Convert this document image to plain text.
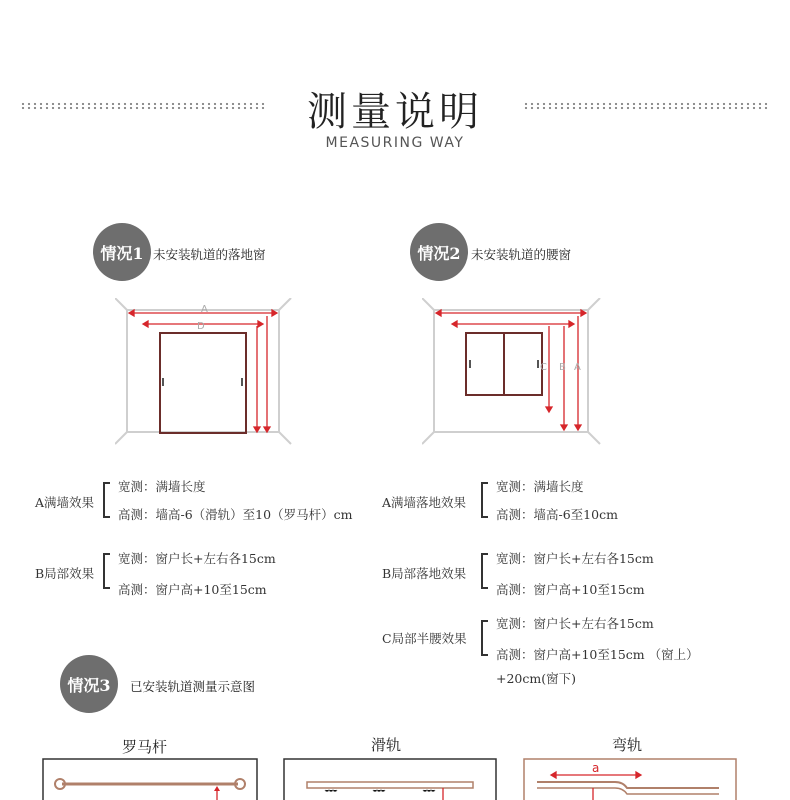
测量说明
MEASURING WAY
情况1 未安装轨道的落地窗
A
D
A满墙效果
宽测：满墙长度
高测：墙高-6（滑轨）至10（罗马杆）cm
B局部效果
宽测：窗户长+左右各15cm
高测：窗户高+10至15cm
情况2 未安装轨道的腰窗
C B A
A满墙落地效果
宽测：满墙长度
高测：墙高-6至10cm
B局部落地效果
宽测：窗户长+左右各15cm
高测：窗户高+10至15cm
C局部半腰效果
宽测：窗户长+左右各15cm
高测：窗户高+10至15cm （窗上）
+20cm(窗下)
情况3	已安装轨道测量示意图
罗马杆	滑轨	弯轨
a
